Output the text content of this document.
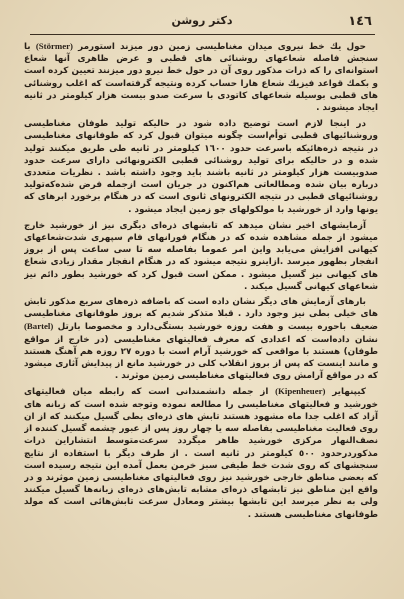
١٤٦
دكتر روشن

حول يك خط نيروى ميدان مغناطيسى زمين دور ميزند استورمر (Störmer) با سنجش فاصله شعاعهاى روشنائى هاى قطبى و عرض ظاهرى آنها شعاع استوانه‌اى را كه ذرات مذكور روى آن در حول خط نيرو دور ميزنند تعيين كرده است و بكمك قواعد فيزيك شعاع هارا حساب كرده ونتيجه گرفته‌است كه اغلب روشنائى هاى قطبى بوسيله شعاعهاى كاتودى با سرعت صدو بيست هزار كيلومتر در ثانيه ايجاد ميشوند .

در اينجا لازم است توضيح داده شود در حاليكه توليد طوفان مغناطيسى وروشنائيهاى قطبى توأم‌است چگونه ميتوان قبول كرد كه طوفانهاى مغناطيسى در نتيجه ذره‌هائيكه باسرعت حدود ١٦٠٠ كيلومتر در ثانيه طى طريق ميكنند توليد شده و در حاليكه براى توليد روشنائى قطبى الكترونهائى داراى سرعت حدود صدوبيست هزار كيلومتر در ثانيه باشند بايد وجود داشته باشد . نظريات متعددى درباره بيان شده ومطالعاتى هم‌اكنون در جريان است ازجمله فرض شده‌كه‌توليد روشنائيهاى قطبى در نتيجه الكترونهاى ثانوى است كه در هنگام برخورد ابرهاى كه يونها وارد از خورشيد با مولكولهاى جو زمين ايجاد ميشود .

آزمايشهاى اخير نشان ميدهد كه تابشهاى ذره‌اى ديگرى نيز از خورشيد خارج ميشود از جمله مشاهده شده كه در هنگام فورانهاى فام سپهرى شدت‌شعاعهاى كيهانى افزايش مى‌يابد واين امر عموما بفاصله سه تا سى ساعت پس از بروز انفجار بظهور ميرسد .ازاينرو نتيجه ميشود كه در هنگام انفجار مقدار زيادى شعاع هاى كيهانى نيز گسيل ميشود . ممكن است قبول كرد كه خورشيد بطور دائم نيز شعاعهاى كيهانى گسيل ميكند .

بارهاى آزمايش هاى ديگر نشان داده است كه باضافه ذره‌هاى سريع مذكور تابش هاى خيلى بطى نيز وجود دارد . قبلا متذكر شديم كه بروز طوفانهاى مغناطيسى ضعيف باحوره بيست‌ و هفت روزه خورشيد بستگى‌دارد و مخصوصا بارتل (Bartel) نشان داده‌است كه اعدادى كه معرف فعاليتهاى مغناطيسى (در خارج از مواقع طوفان) هستند با مواقعى كه خورشيد آرام است با دوره ٢٧ روزه هم آهنگ هستند و مانند اينست كه پس از بروز انقلاب كلى در خورشيد مانع از پيدايش آثارى ميشود كه در مواقع آرامش روى فعاليتهاى مغناطيسى زمين موثرند .

كيپنهاير (Kipenheuer) از جمله دانشمندانى است كه رابطه ميان فعاليتهاى خورشيد و فعاليتهاى مغناطيسى را مطالعه نموده وتوجه شده است كه زبانه هاى آزاد كه اغلب جدا ماه مشهود هستند تابش هاى ذره‌اى بطى گسيل ميكنند كه از ان روى فعاليت مغناطيسى بفاصله سه يا چهار روز پس از عبور چشمه گسيل كننده از نصف‌النهار مركزى خورشيد ظاهر ميگردد سرعت‌متوسط انتشاراين ذرات مذكوردرحدود ٥٠٠ كيلومتر در ثانيه است . از طرف ديگر با استفاده از نتايج سنجشهاى كه روى شدت خط طيفى سبز خرمن بعمل آمده اين نتيجه رسيده است كه بعضى مناطق خارجى خورشيد نيز روى فعاليتهاى مغناطيسى زمين موثرند و در واقع اين مناطق نيز تابشهاى ذره‌اى مشابه تابش‌هاى ذره‌اى زبانه‌ها گسيل ميكنند ولى به نظر ميرسد اين تابشها بيشتر ومعادل سرعت تابش‌هائى است كه مولد طوفانهاى مغناطيسى هستند .
